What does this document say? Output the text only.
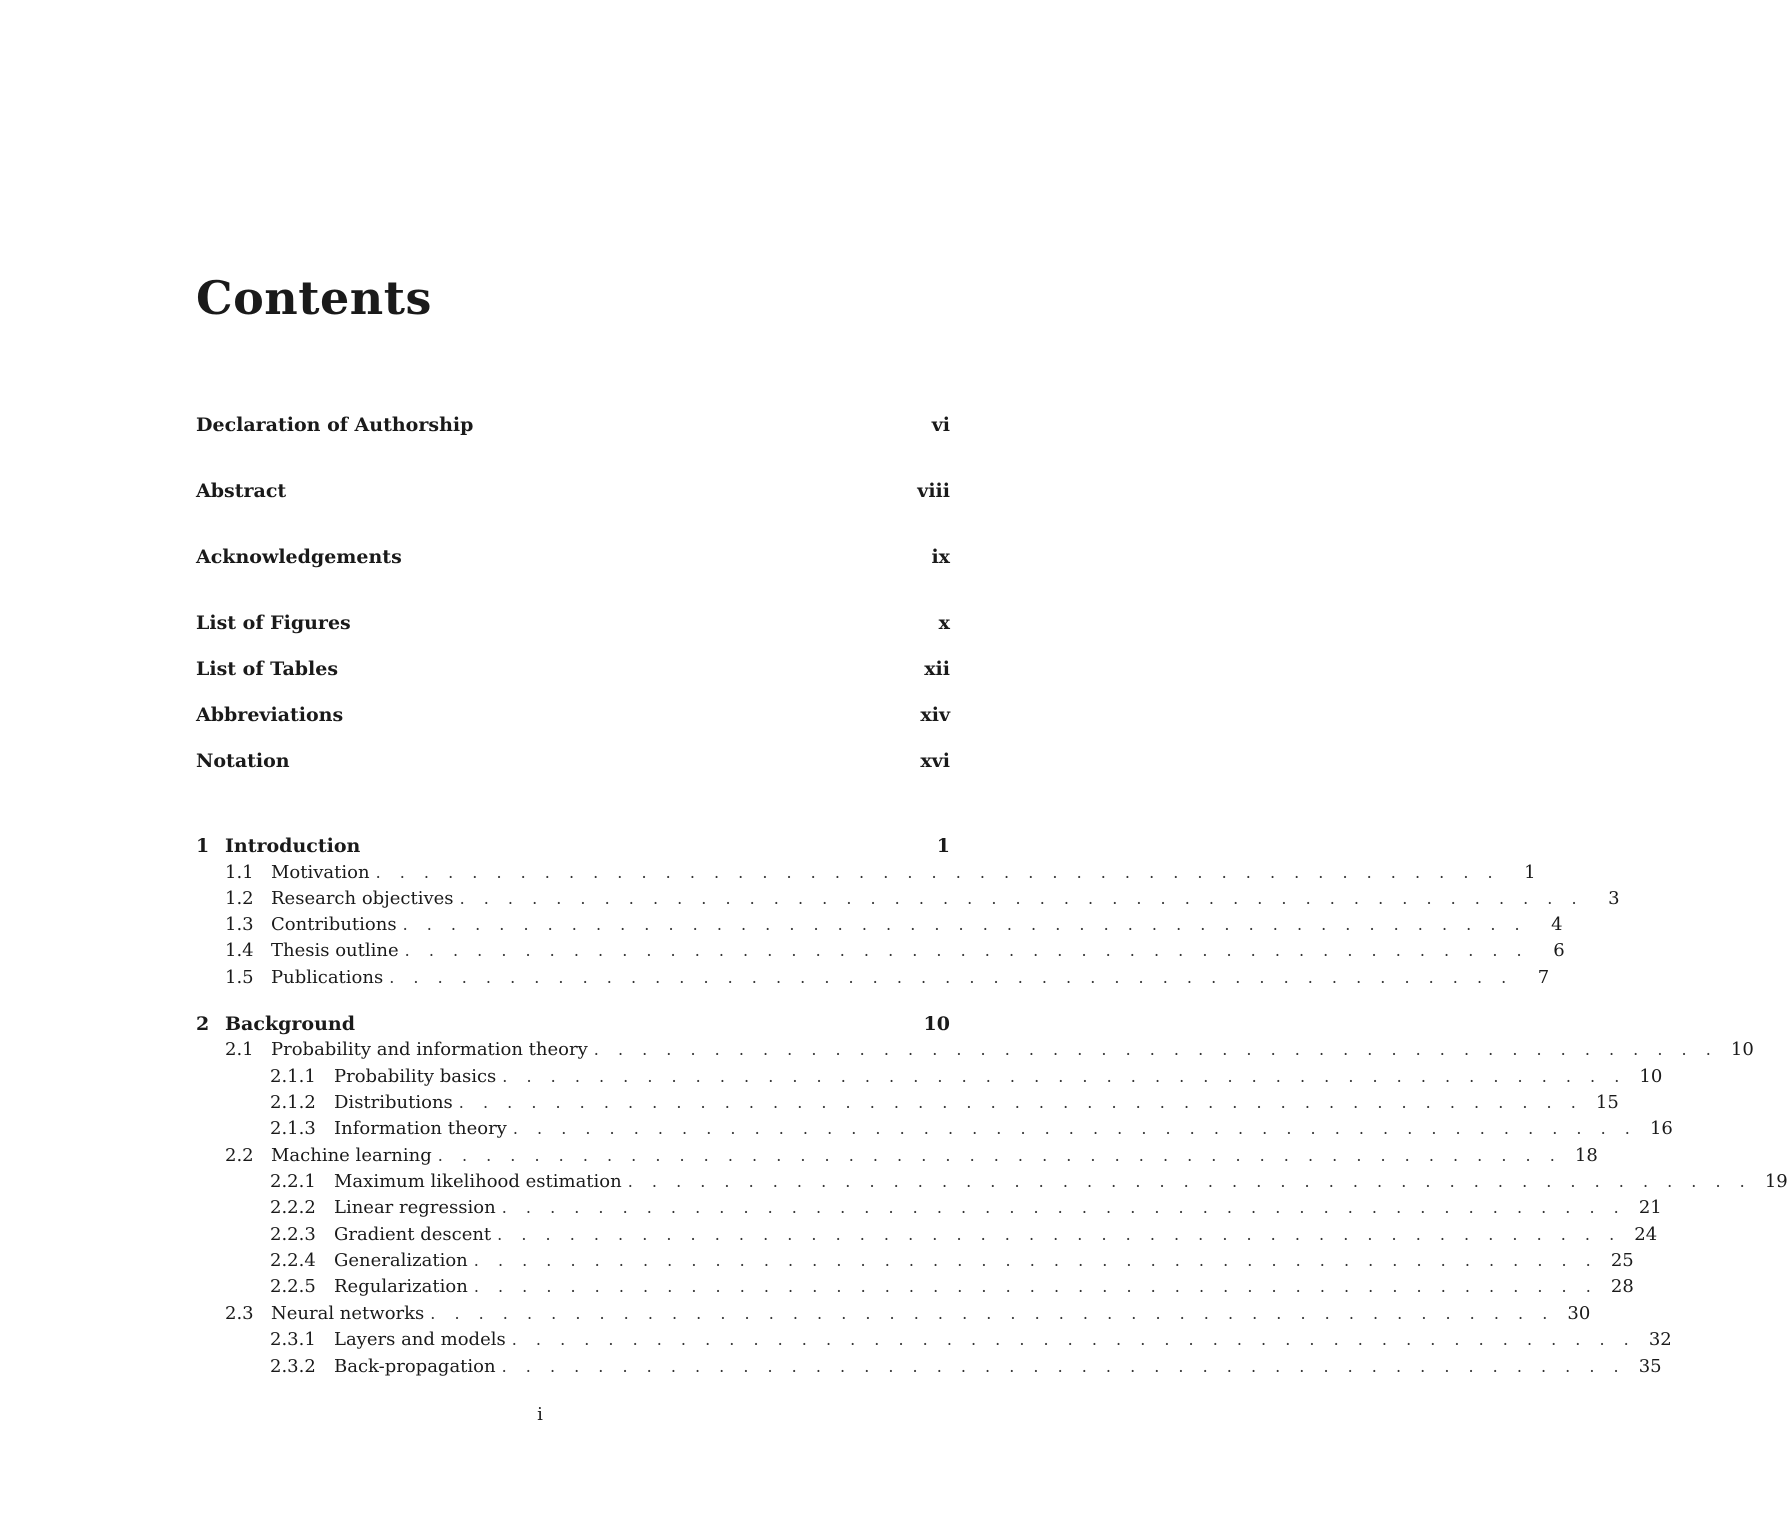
Contents
Declaration of Authorship	vi
Abstract	viii
Acknowledgements	ix
List of Figures	x
List of Tables	xii
Abbreviations	xiv
Notation	xvi
1 Introduction	1
1.1 Motivation . . . . . . . . . . . . . . . . . . . . . . . . . . . . . . . . . . . . . . . . . . . . . . .	1
1.2 Research objectives . . . . . . . . . . . . . . . . . . . . . . . . . . . . . . . . . . . . . . . . . . . . . . .	3
1.3 Contributions . . . . . . . . . . . . . . . . . . . . . . . . . . . . . . . . . . . . . . . . . . . . . . .	4
1.4 Thesis outline . . . . . . . . . . . . . . . . . . . . . . . . . . . . . . . . . . . . . . . . . . . . . . .	6
1.5 Publications . . . . . . . . . . . . . . . . . . . . . . . . . . . . . . . . . . . . . . . . . . . . . . .	7
2 Background	10
2.1 Probability and information theory . . . . . . . . . . . . . . . . . . . . . . . . . . . . . . . . . . . . . . . . . . . . . . . 10
2.1.1	Probability basics . . . . . . . . . . . . . . . . . . . . . . . . . . . . . . . . . . . . . . . . . . . . . . . 10
2.1.2	Distributions . . . . . . . . . . . . . . . . . . . . . . . . . . . . . . . . . . . . . . . . . . . . . . . 15
2.1.3	Information theory . . . . . . . . . . . . . . . . . . . . . . . . . . . . . . . . . . . . . . . . . . . . . . . 16
2.2 Machine learning . . . . . . . . . . . . . . . . . . . . . . . . . . . . . . . . . . . . . . . . . . . . . . . 18
2.2.1	Maximum likelihood estimation . . . . . . . . . . . . . . . . . . . . . . . . . . . . . . . . . . . . . . . . . . . . . . . 19
2.2.2	Linear regression . . . . . . . . . . . . . . . . . . . . . . . . . . . . . . . . . . . . . . . . . . . . . . . 21
2.2.3	Gradient descent . . . . . . . . . . . . . . . . . . . . . . . . . . . . . . . . . . . . . . . . . . . . . . . 24
2.2.4	Generalization . . . . . . . . . . . . . . . . . . . . . . . . . . . . . . . . . . . . . . . . . . . . . . . 25
2.2.5	Regularization . . . . . . . . . . . . . . . . . . . . . . . . . . . . . . . . . . . . . . . . . . . . . . . 28
2.3 Neural networks . . . . . . . . . . . . . . . . . . . . . . . . . . . . . . . . . . . . . . . . . . . . . . . 30
2.3.1	Layers and models . . . . . . . . . . . . . . . . . . . . . . . . . . . . . . . . . . . . . . . . . . . . . . . 32
2.3.2	Back-propagation . . . . . . . . . . . . . . . . . . . . . . . . . . . . . . . . . . . . . . . . . . . . . . . 35
i
